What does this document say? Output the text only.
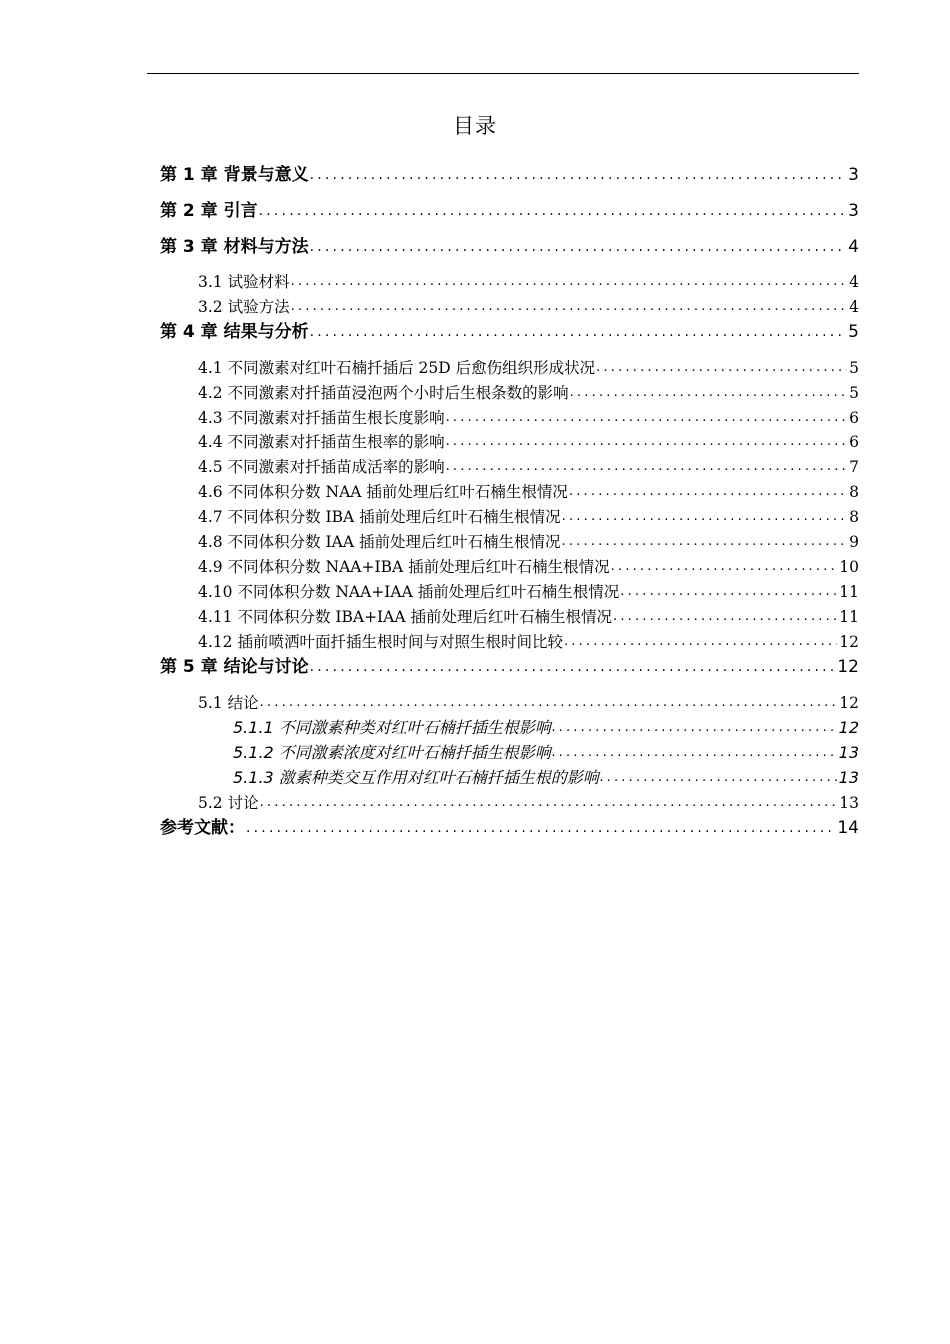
目录
第 1 章 背景与意义 .....	3
第 2 章 引言 .....	3
第 3 章 材料与方法 .....	4
3.1 试验材料 .....	4
3.2 试验方法 .....	4
第 4 章 结果与分析 .....	5
4.1 不同激素对红叶石楠扦插后 25D 后愈伤组织形成状况 .....	5
4.2 不同激素对扦插苗浸泡两个小时后生根条数的影响 .....	5
4.3 不同激素对扦插苗生根长度影响 .....	6
4.4 不同激素对扦插苗生根率的影响 .....	6
4.5 不同激素对扦插苗成活率的影响 .....	7
4.6 不同体积分数 NAA 插前处理后红叶石楠生根情况 .....	8
4.7 不同体积分数 IBA 插前处理后红叶石楠生根情况 .....	8
4.8 不同体积分数 IAA 插前处理后红叶石楠生根情况 .....	9
4.9 不同体积分数 NAA+IBA 插前处理后红叶石楠生根情况 .....	10
4.10 不同体积分数 NAA+IAA 插前处理后红叶石楠生根情况 .....	11
4.11 不同体积分数 IBA+IAA 插前处理后红叶石楠生根情况 .....	11
4.12 插前喷洒叶面扦插生根时间与对照生根时间比较 .....	12
第 5 章 结论与讨论 .....	12
5.1 结论 .....	12
5.1.1 不同激素种类对红叶石楠扦插生根影响 .....	12
5.1.2 不同激素浓度对红叶石楠扦插生根影响 .....	13
5.1.3 激素种类交互作用对红叶石楠扦插生根的影响 .....	13
5.2 讨论 .....	13
参考文献： .....	14
